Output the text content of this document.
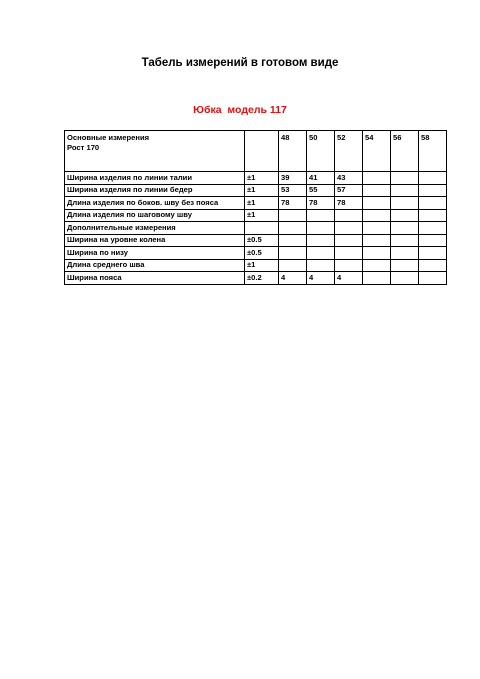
Табель измерений в готовом виде
Юбка  модель 117
Основные измерения
Рост 170		48	50	52	54	56	58
Ширина изделия по линии талии	±1	39	41	43			
Ширина изделия по линии бедер	±1	53	55	57			
Длина изделия по боков. шву без пояса	±1	78	78	78			
Длина изделия по шаговому шву	±1						
Дополнительные измерения							
Ширина на уровне колена	±0.5						
Ширина по низу	±0.5						
Длина среднего шва	±1						
Ширина пояса	±0.2	4	4	4			
